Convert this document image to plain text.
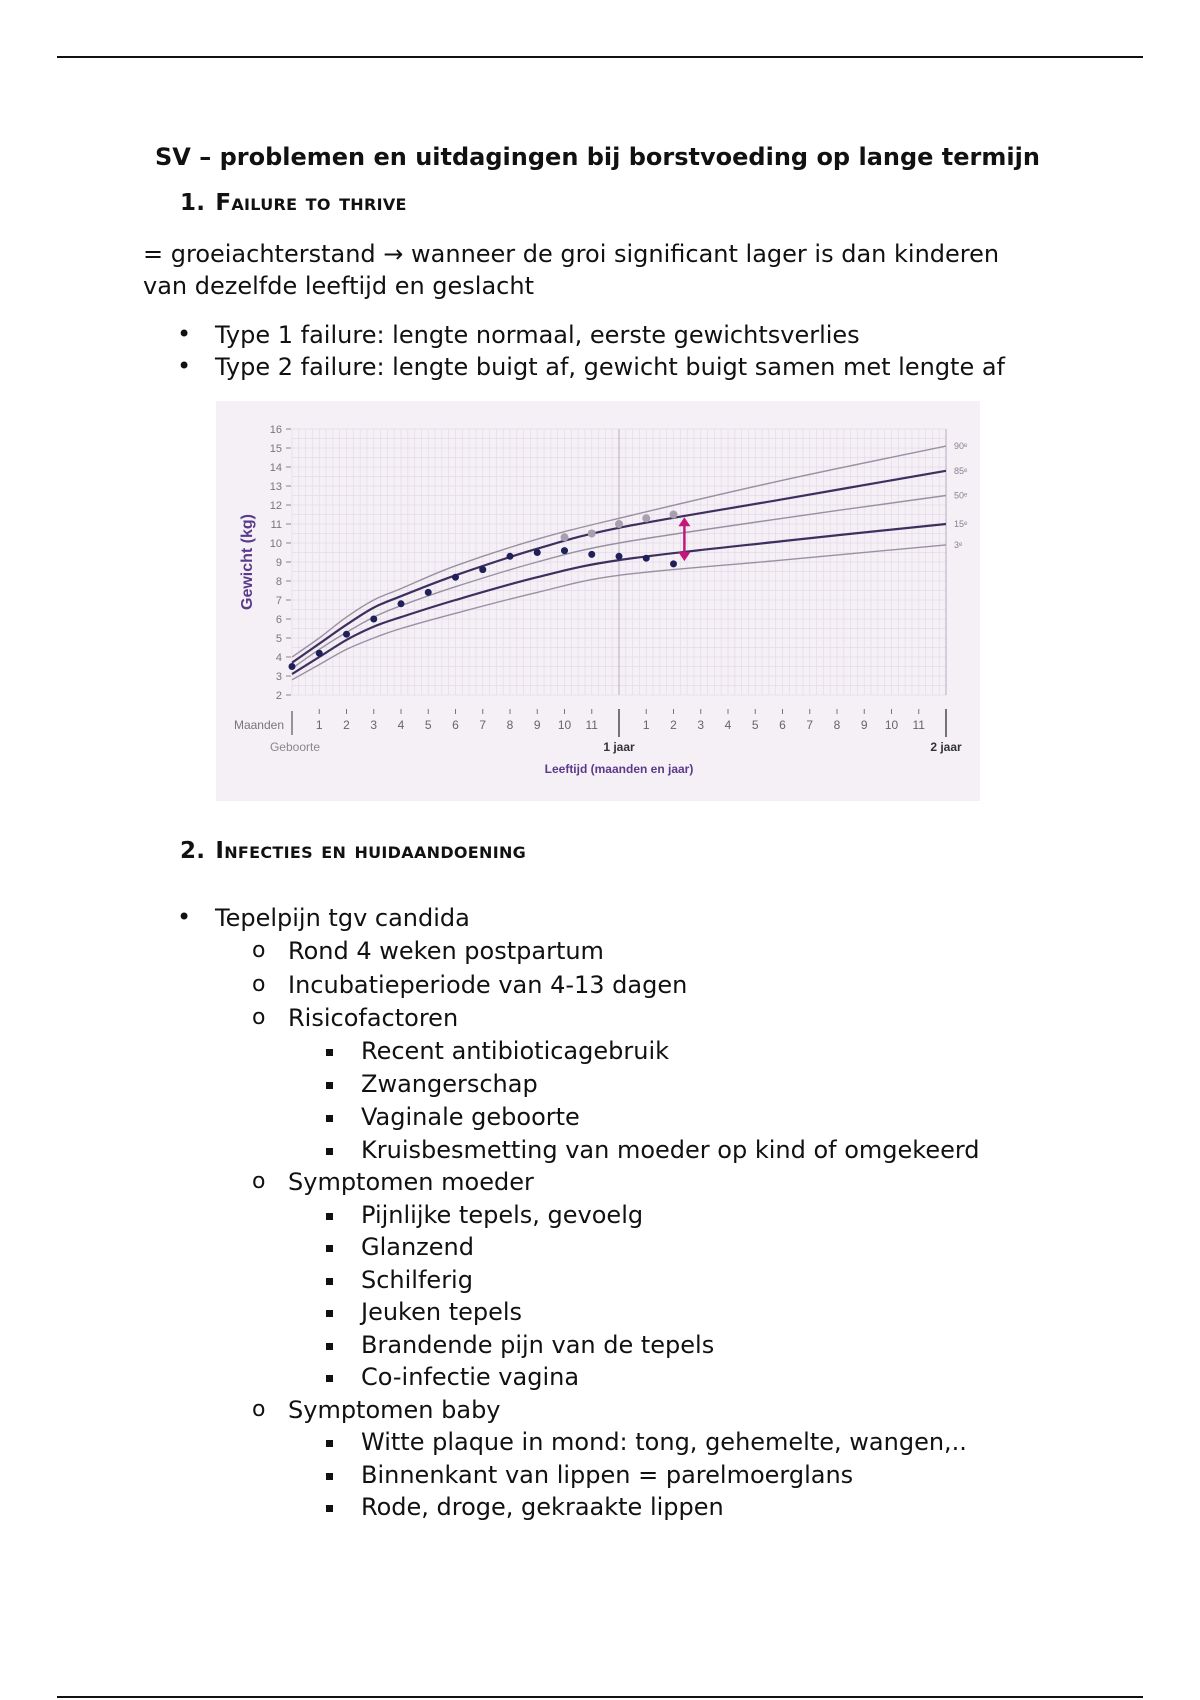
SV – problemen en uitdagingen bij borstvoeding op lange termijn
1. Failure to thrive
= groeiachterstand → wanneer de groi significant lager is dan kinderen van dezelfde leeftijd en geslacht
• Type 1 failure: lengte normaal, eerste gewichtsverlies
• Type 2 failure: lengte buigt af, gewicht buigt samen met lengte af
2
3
4
5
6
7
8
9
10
11
12
13
14
15
16
Gewicht (kg)
90ᵉ
85ᵉ
50ᵉ
15ᵉ
3ᵉ
1 2 3 4 5 6 7 8 9 10 11	1 2 3 4 5 6 7 8 9 10 11
Maanden
Geboorte	1 jaar	2 jaar
Leeftijd (maanden en jaar)
2. Infecties en huidaandoening
• Tepelpijn tgv candida
o Rond 4 weken postpartum
o Incubatieperiode van 4-13 dagen
o Risicofactoren
Recent antibioticagebruik
Zwangerschap
Vaginale geboorte
Kruisbesmetting van moeder op kind of omgekeerd
o Symptomen moeder
Pijnlijke tepels, gevoelg
Glanzend
Schilferig
Jeuken tepels
Brandende pijn van de tepels
Co-infectie vagina
o Symptomen baby
Witte plaque in mond: tong, gehemelte, wangen,..
Binnenkant van lippen = parelmoerglans
Rode, droge, gekraakte lippen
